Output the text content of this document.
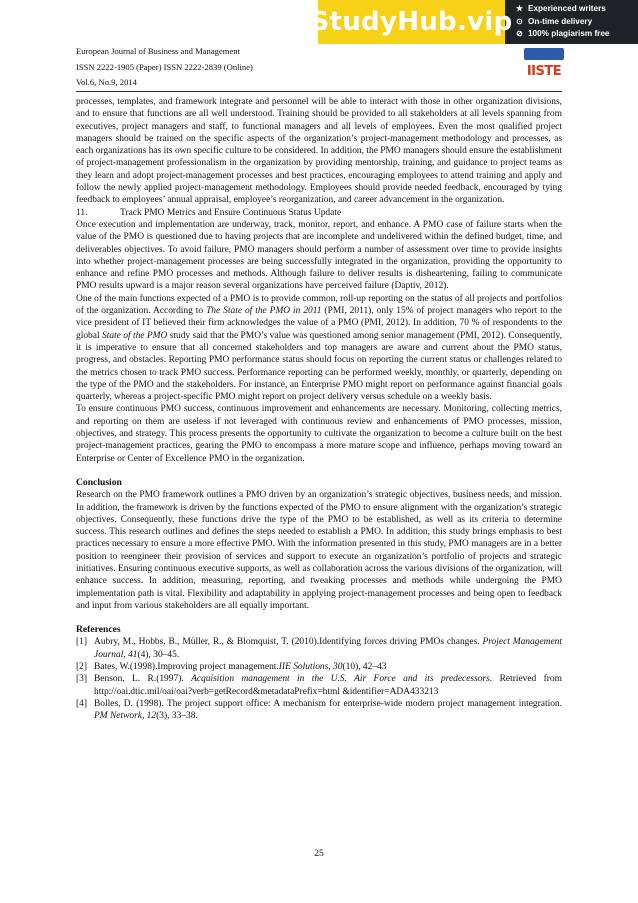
European Journal of Business and Management
ISSN 2222-1905 (Paper) ISSN 2222-2839 (Online)
Vol.6, No.9, 2014
StudyHub.vip ★ Experienced writers
⊙ On-time delivery
⊘ 100% plagiarism free
IISTE

processes, templates, and framework integrate and personnel will be able to interact with those in other organization divisions, and to ensure that functions are all well understood. Training should be provided to all stakeholders at all levels spanning from executives, project managers and staff, to functional managers and all levels of employees. Even the most qualified project managers should be trained on the specific aspects of the organization’s project-management methodology and processes, as each organizations has its own specific culture to be considered. In addition, the PMO managers should ensure the establishment of project-management professionalism in the organization by providing mentorship, training, and guidance to project teams as they learn and adopt project-management processes and best practices, encouraging employees to attend training and apply and follow the newly applied project-management methodology. Employees should provide needed feedback, encouraged by tying feedback to employees’ annual appraisal, employee’s reorganization, and career advancement in the organization.

11.	Track PMO Metrics and Ensure Continuous Status Update

Once execution and implementation are underway, track, monitor, report, and enhance. A PMO case of failure starts when the value of the PMO is questioned due to having projects that are incomplete and undelivered within the defined budget, time, and deliverables objectives. To avoid failure, PMO managers should perform a number of assessment over time to provide insights into whether project-management processes are being successfully integrated in the organization, providing the opportunity to enhance and refine PMO processes and methods. Although failure to deliver results is disheartening, failing to communicate PMO results upward is a major reason several organizations have perceived failure (Daptiv, 2012).

One of the main functions expected of a PMO is to provide common, roll-up reporting on the status of all projects and portfolios of the organization. According to The State of the PMO in 2011 (PMI, 2011), only 15% of project managers who report to the vice president of IT believed their firm acknowledges the value of a PMO (PMI, 2012). In addition, 70 % of respondents to the global State of the PMO study said that the PMO’s value was questioned among senior management (PMI, 2012). Consequently, it is imperative to ensure that all concerned stakeholders and top managers are aware and current about the PMO status, progress, and obstacles. Reporting PMO performance status should focus on reporting the current status or challenges related to the metrics chosen to track PMO success. Performance reporting can be performed weekly, monthly, or quarterly, depending on the type of the PMO and the stakeholders. For instance, an Enterprise PMO might report on performance against financial goals quarterly, whereas a project-specific PMO might report on project delivery versus schedule on a weekly basis.

To ensure continuous PMO success, continuous improvement and enhancements are necessary. Monitoring, collecting metrics, and reporting on them are useless if not leveraged with continuous review and enhancements of PMO processes, mission, objectives, and strategy. This process presents the opportunity to cultivate the organization to become a culture built on the best project-management practices, gearing the PMO to encompass a more mature scope and influence, perhaps moving toward an Enterprise or Center of Excellence PMO in the organization.

Conclusion

Research on the PMO framework outlines a PMO driven by an organization’s strategic objectives, business needs, and mission. In addition, the framework is driven by the functions expected of the PMO to ensure alignment with the organization’s strategic objectives. Consequently, these functions drive the type of the PMO to be established, as well as its criteria to determine success. This research outlines and defines the steps needed to establish a PMO. In addition, this study brings emphasis to best practices necessary to ensure a more effective PMO. With the information presented in this study, PMO managers are in a better position to reengineer their provision of services and support to execute an organization’s portfolio of projects and strategic initiatives. Ensuring continuous executive supports, as well as collaboration across the various divisions of the organization, will enhance success. In addition, measuring, reporting, and tweaking processes and methods while undergoing the PMO implementation path is vital. Flexibility and adaptability in applying project-management processes and being open to feedback and input from various stakeholders are all equally important.

References
[1] Aubry, M., Hobbs, B., Müller, R., & Blomquist, T. (2010).Identifying forces driving PMOs changes. Project Management Journal, 41(4), 30–45.
[2] Bates, W.(1998).Improving project management.IIE Solutions, 30(10), 42–43
[3] Benson, L. R.(1997). Acquisition management in the U.S. Air Force and its predecessors. Retrieved from http://oai.dtic.mil/oai/oai?verb=getRecord&metadataPrefix=html &identifier=ADA433213
[4] Bolles, D. (1998). The project support office: A mechanism for enterprise-wide modern project management integration. PM Network, 12(3), 33–38.
25
